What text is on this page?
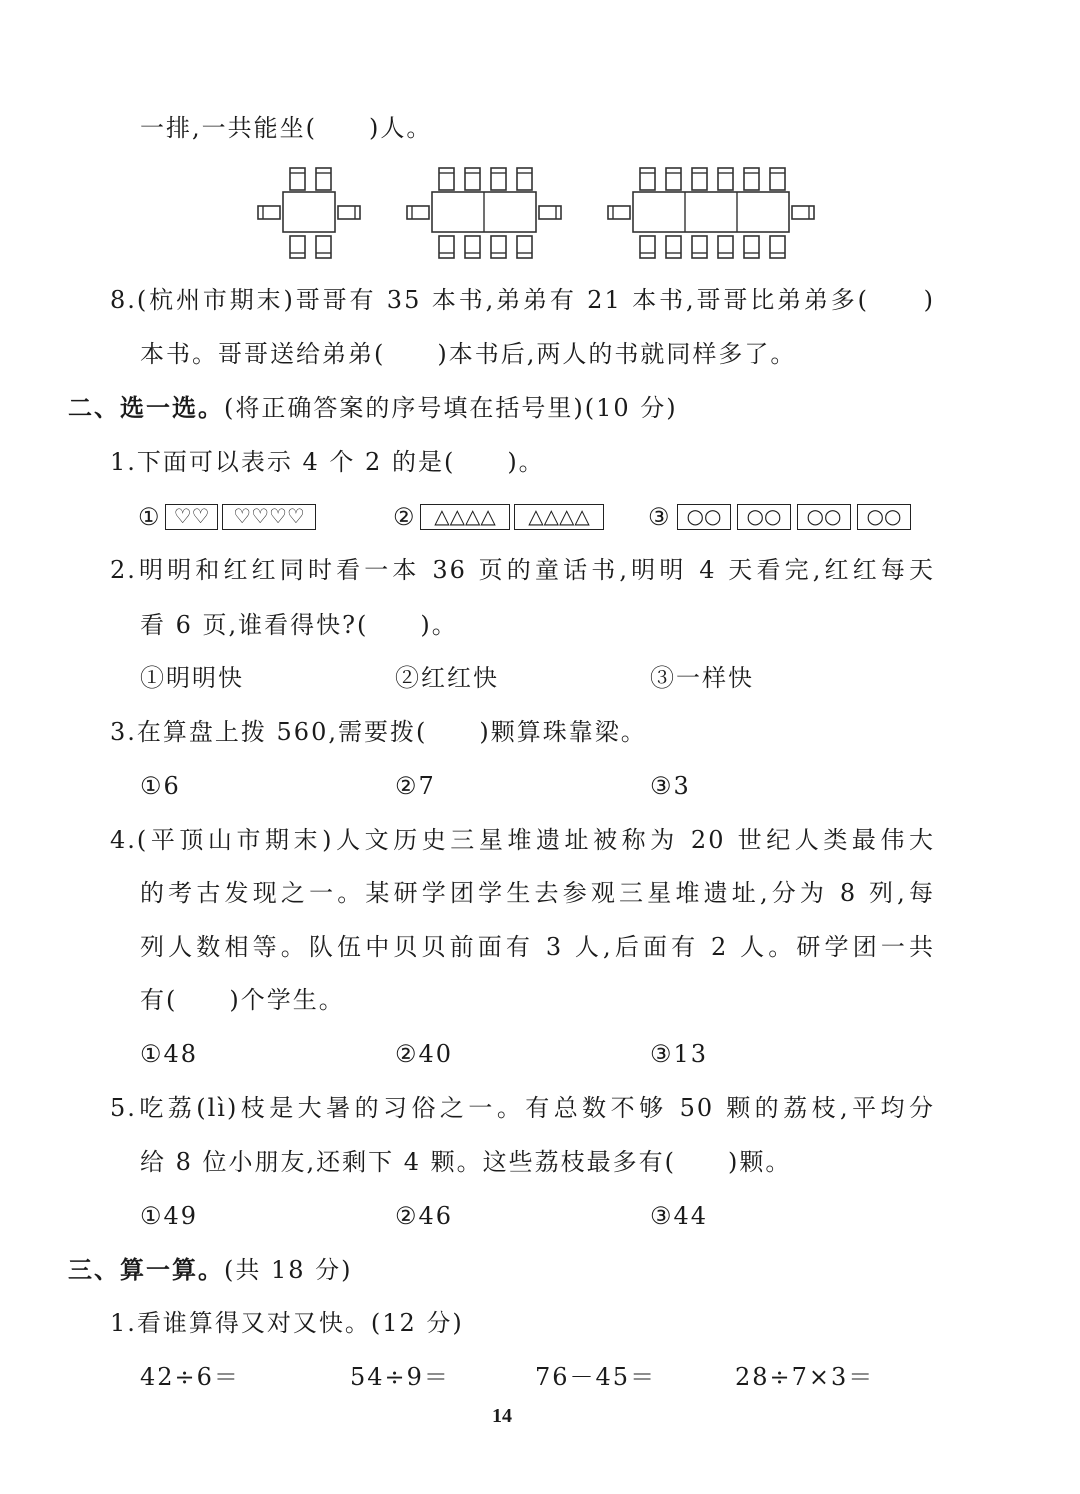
一排,一共能坐(　　)人。
8.(杭州市期末)哥哥有 35 本书,弟弟有 21 本书,哥哥比弟弟多(　　)
本书。哥哥送给弟弟(　　)本书后,两人的书就同样多了。
二、选一选。(将正确答案的序号填在括号里)(10 分)
1.下面可以表示 4 个 2 的是(　　)。
① ♡♡	♡♡♡♡	② △△△△	△△△△	③ ○○	○○	○○	○○
2.明明和红红同时看一本 36 页的童话书,明明 4 天看完,红红每天
看 6 页,谁看得快?(　　)。
①明明快	②红红快	③一样快
3.在算盘上拨 560,需要拨(　　)颗算珠靠梁。
①6	②7	③3
4.(平顶山市期末)人文历史三星堆遗址被称为 20 世纪人类最伟大
的考古发现之一。某研学团学生去参观三星堆遗址,分为 8 列,每
列人数相等。队伍中贝贝前面有 3 人,后面有 2 人。研学团一共
有(　　)个学生。
①48	②40	③13
5.吃荔(lì)枝是大暑的习俗之一。有总数不够 50 颗的荔枝,平均分
给 8 位小朋友,还剩下 4 颗。这些荔枝最多有(　　)颗。
①49	②46	③44
三、算一算。(共 18 分)
1.看谁算得又对又快。(12 分)
42÷6＝	54÷9＝	76－45＝	28÷7×3＝
14
